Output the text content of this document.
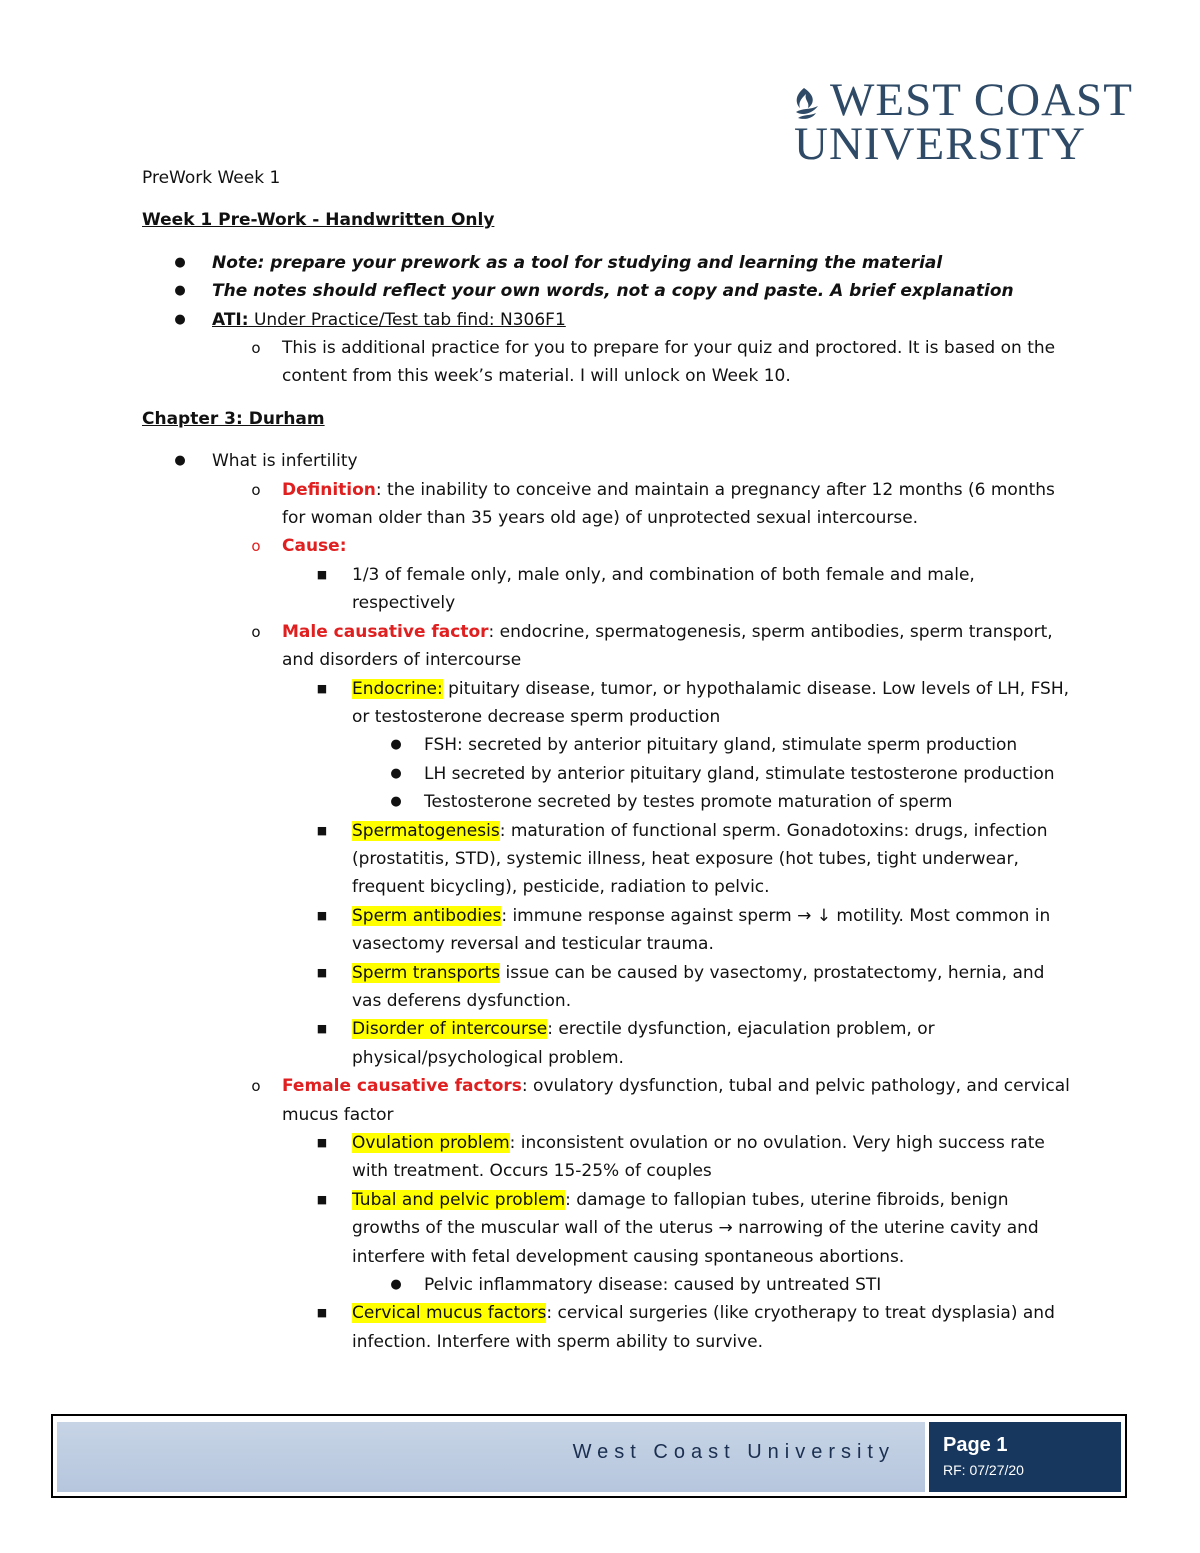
WEST COAST
UNIVERSITY

PreWork Week 1

Week 1 Pre-Work - Handwritten Only

● Note: prepare your prework as a tool for studying and learning the material
● The notes should reflect your own words, not a copy and paste. A brief explanation
● ATI: Under Practice/Test tab find: N306F1
o	This is additional practice for you to prepare for your quiz and proctored. It is based on the content from this week’s material. I will unlock on Week 10.

Chapter 3: Durham

● What is infertility
o	Definition: the inability to conceive and maintain a pregnancy after 12 months (6 months for woman older than 35 years old age) of unprotected sexual intercourse.
o	Cause:
■ 1/3 of female only, male only, and combination of both female and male, respectively
o	Male causative factor: endocrine, spermatogenesis, sperm antibodies, sperm transport, and disorders of intercourse
■ Endocrine: pituitary disease, tumor, or hypothalamic disease. Low levels of LH, FSH, or testosterone decrease sperm production
● FSH: secreted by anterior pituitary gland, stimulate sperm production
● LH secreted by anterior pituitary gland, stimulate testosterone production
● Testosterone secreted by testes promote maturation of sperm
■ Spermatogenesis: maturation of functional sperm. Gonadotoxins: drugs, infection (prostatitis, STD), systemic illness, heat exposure (hot tubes, tight underwear, frequent bicycling), pesticide, radiation to pelvic.
■ Sperm antibodies: immune response against sperm → ↓ motility. Most common in vasectomy reversal and testicular trauma.
■ Sperm transports issue can be caused by vasectomy, prostatectomy, hernia, and vas deferens dysfunction.
■ Disorder of intercourse: erectile dysfunction, ejaculation problem, or physical/psychological problem.
o	Female causative factors: ovulatory dysfunction, tubal and pelvic pathology, and cervical mucus factor
■ Ovulation problem: inconsistent ovulation or no ovulation. Very high success rate with treatment. Occurs 15-25% of couples
■ Tubal and pelvic problem: damage to fallopian tubes, uterine fibroids, benign growths of the muscular wall of the uterus → narrowing of the uterine cavity and interfere with fetal development causing spontaneous abortions.
● Pelvic inflammatory disease: caused by untreated STI
■ Cervical mucus factors: cervical surgeries (like cryotherapy to treat dysplasia) and infection. Interfere with sperm ability to survive.
West Coast University Page 1
RF: 07/27/20
